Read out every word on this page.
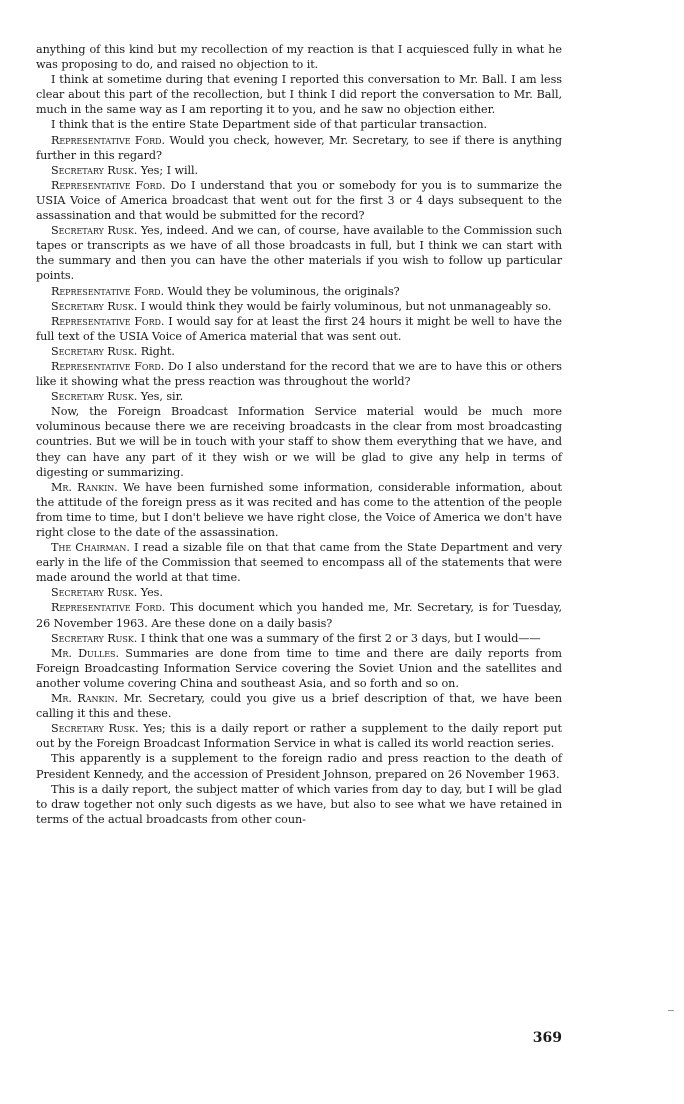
anything of this kind but my recollection of my reaction is that I acquiesced fully in what he was proposing to do, and raised no objection to it.

I think at sometime during that evening I reported this conversation to Mr. Ball. I am less clear about this part of the recollection, but I think I did report the conversation to Mr. Ball, much in the same way as I am reporting it to you, and he saw no objection either.

I think that is the entire State Department side of that particular transaction.

Representative Ford. Would you check, however, Mr. Secretary, to see if there is anything further in this regard?

Secretary Rusk. Yes; I will.

Representative Ford. Do I understand that you or somebody for you is to summarize the USIA Voice of America broadcast that went out for the first 3 or 4 days subsequent to the assassination and that would be submitted for the record?

Secretary Rusk. Yes, indeed. And we can, of course, have available to the Commission such tapes or transcripts as we have of all those broadcasts in full, but I think we can start with the summary and then you can have the other materials if you wish to follow up particular points.

Representative Ford. Would they be voluminous, the originals?

Secretary Rusk. I would think they would be fairly voluminous, but not unmanageably so.

Representative Ford. I would say for at least the first 24 hours it might be well to have the full text of the USIA Voice of America material that was sent out.

Secretary Rusk. Right.

Representative Ford. Do I also understand for the record that we are to have this or others like it showing what the press reaction was throughout the world?

Secretary Rusk. Yes, sir.

Now, the Foreign Broadcast Information Service material would be much more voluminous because there we are receiving broadcasts in the clear from most broadcasting countries. But we will be in touch with your staff to show them everything that we have, and they can have any part of it they wish or we will be glad to give any help in terms of digesting or summarizing.

Mr. Rankin. We have been furnished some information, considerable information, about the attitude of the foreign press as it was recited and has come to the attention of the people from time to time, but I don't believe we have right close, the Voice of America we don't have right close to the date of the assassination.

The Chairman. I read a sizable file on that that came from the State Department and very early in the life of the Commission that seemed to encompass all of the statements that were made around the world at that time.

Secretary Rusk. Yes.

Representative Ford. This document which you handed me, Mr. Secretary, is for Tuesday, 26 November 1963. Are these done on a daily basis?

Secretary Rusk. I think that one was a summary of the first 2 or 3 days, but I would——

Mr. Dulles. Summaries are done from time to time and there are daily reports from Foreign Broadcasting Information Service covering the Soviet Union and the satellites and another volume covering China and southeast Asia, and so forth and so on.

Mr. Rankin. Mr. Secretary, could you give us a brief description of that, we have been calling it this and these.

Secretary Rusk. Yes; this is a daily report or rather a supplement to the daily report put out by the Foreign Broadcast Information Service in what is called its world reaction series.

This apparently is a supplement to the foreign radio and press reaction to the death of President Kennedy, and the accession of President Johnson, prepared on 26 November 1963.

This is a daily report, the subject matter of which varies from day to day, but I will be glad to draw together not only such digests as we have, but also to see what we have retained in terms of the actual broadcasts from other coun-

369
